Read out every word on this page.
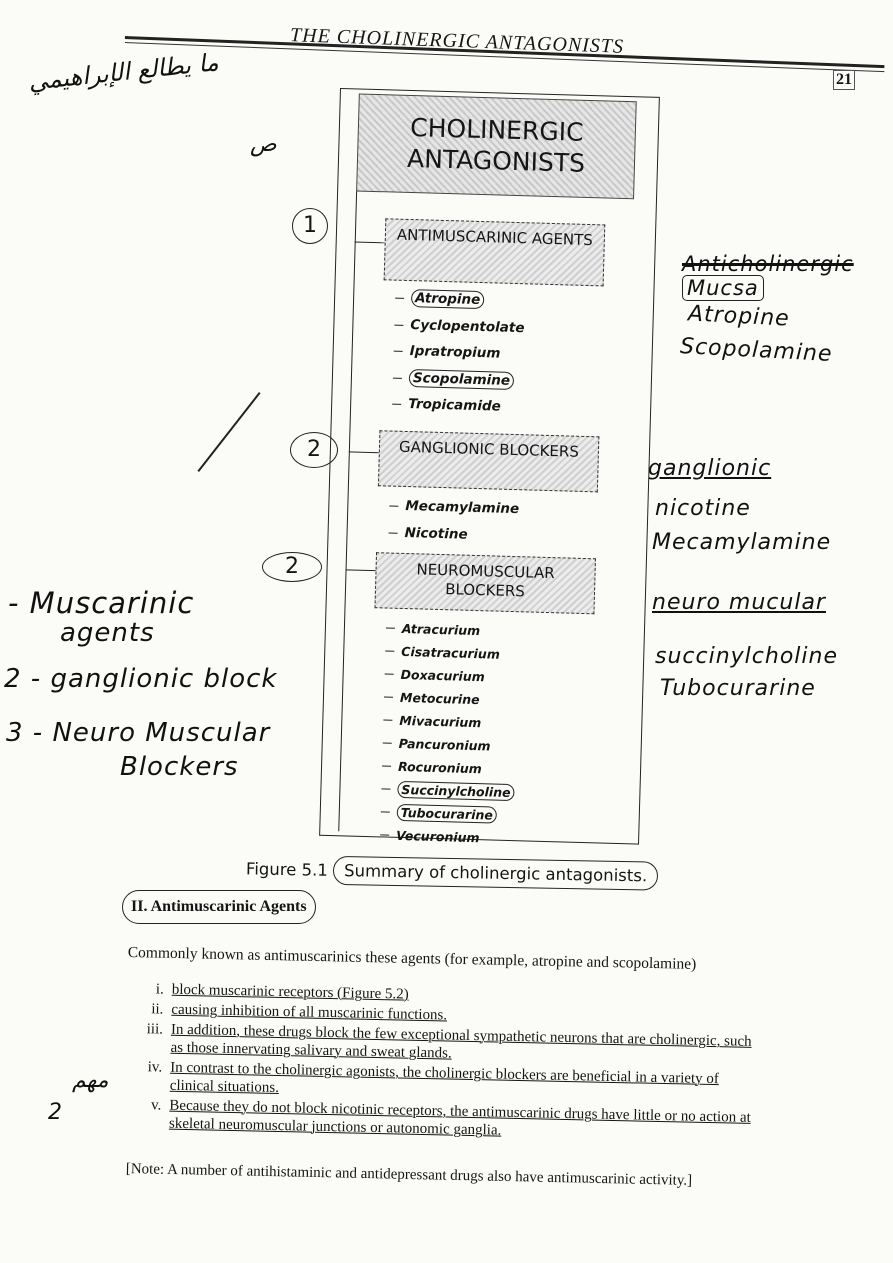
THE CHOLINERGIC ANTAGONISTS
21
CHOLINERGIC ANTAGONISTS
ANTIMUSCARINIC AGENTS
Atropine
Cyclopentolate
Ipratropium
Scopolamine
Tropicamide
GANGLIONIC BLOCKERS
Mecamylamine
Nicotine
NEUROMUSCULAR BLOCKERS
Atracurium
Cisatracurium
Doxacurium
Metocurine
Mivacurium
Pancuronium
Rocuronium
Succinylcholine
Tubocurarine
Vecuronium
Figure 5.1 Summary of cholinergic antagonists.
II. Antimuscarinic Agents
Commonly known as antimuscarinics these agents (for example, atropine and scopolamine)
i. block muscarinic receptors (Figure 5.2)
ii. causing inhibition of all muscarinic functions.
iii. In addition, these drugs block the few exceptional sympathetic neurons that are cholinergic, such as those innervating salivary and sweat glands.
iv. In contrast to the cholinergic agonists, the cholinergic blockers are beneficial in a variety of clinical situations.
v. Because they do not block nicotinic receptors, the antimuscarinic drugs have little or no action at skeletal neuromuscular junctions or autonomic ganglia.
[Note: A number of antihistaminic and antidepressant drugs also have antimuscarinic activity.]
ما يطالع الإبراهيمي
ص
1
2
2
Anticholinergic Mucsa
Atropine
Scopolamine
ganglionic
nicotine
Mecamylamine
neuro mucular
succinylcholine
Tubocurarine
- Muscarinic
agents
2 - ganglionic block
3 - Neuro Muscular
Blockers
مهم
2
